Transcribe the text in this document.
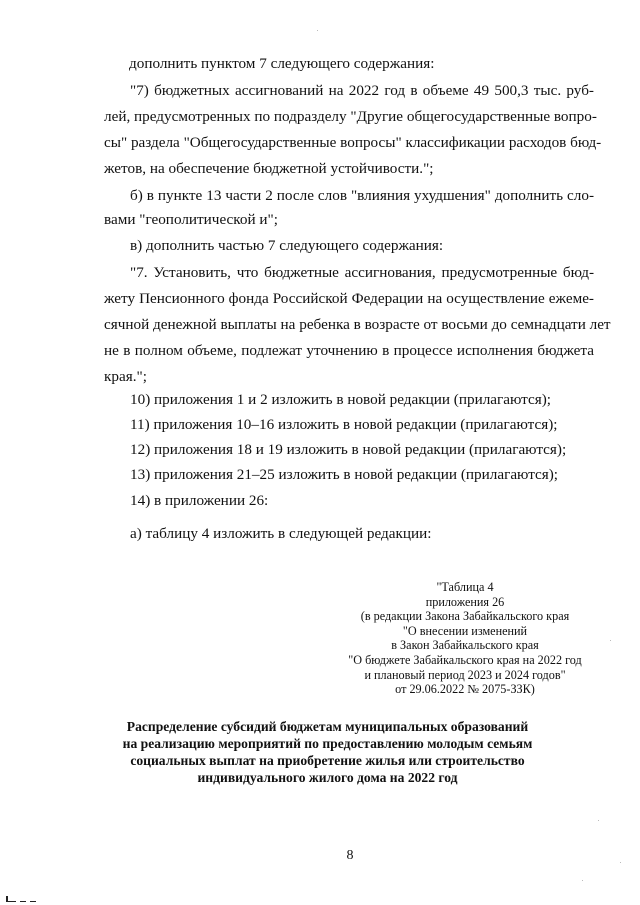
дополнить пунктом 7 следующего содержания:
"7) бюджетных ассигнований на 2022 год в объеме 49 500,3 тыс. руб-
лей, предусмотренных по подразделу "Другие общегосударственные вопро-
сы" раздела "Общегосударственные вопросы" классификации расходов бюд-
жетов, на обеспечение бюджетной устойчивости.";
б) в пункте 13 части 2 после слов "влияния ухудшения" дополнить сло-
вами "геополитической и";
в) дополнить частью 7 следующего содержания:
"7. Установить, что бюджетные ассигнования, предусмотренные бюд-
жету Пенсионного фонда Российской Федерации на осуществление ежеме-
сячной денежной выплаты на ребенка в возрасте от восьми до семнадцати лет
не в полном объеме, подлежат уточнению в процессе исполнения бюджета
края.";
10) приложения 1 и 2 изложить в новой редакции (прилагаются);
11) приложения 10–16 изложить в новой редакции (прилагаются);
12) приложения 18 и 19 изложить в новой редакции (прилагаются);
13) приложения 21–25 изложить в новой редакции (прилагаются);
14) в приложении 26:
а) таблицу 4 изложить в следующей редакции:
"Таблица 4
приложения 26
(в редакции Закона Забайкальского края
"О внесении изменений
в Закон Забайкальского края
"О бюджете Забайкальского края на 2022 год
и плановый период 2023 и 2024 годов"
от 29.06.2022 № 2075-ЗЗК)
Распределение субсидий бюджетам муниципальных образований
на реализацию мероприятий по предоставлению молодым семьям
социальных выплат на приобретение жилья или строительство
индивидуального жилого дома на 2022 год
8
